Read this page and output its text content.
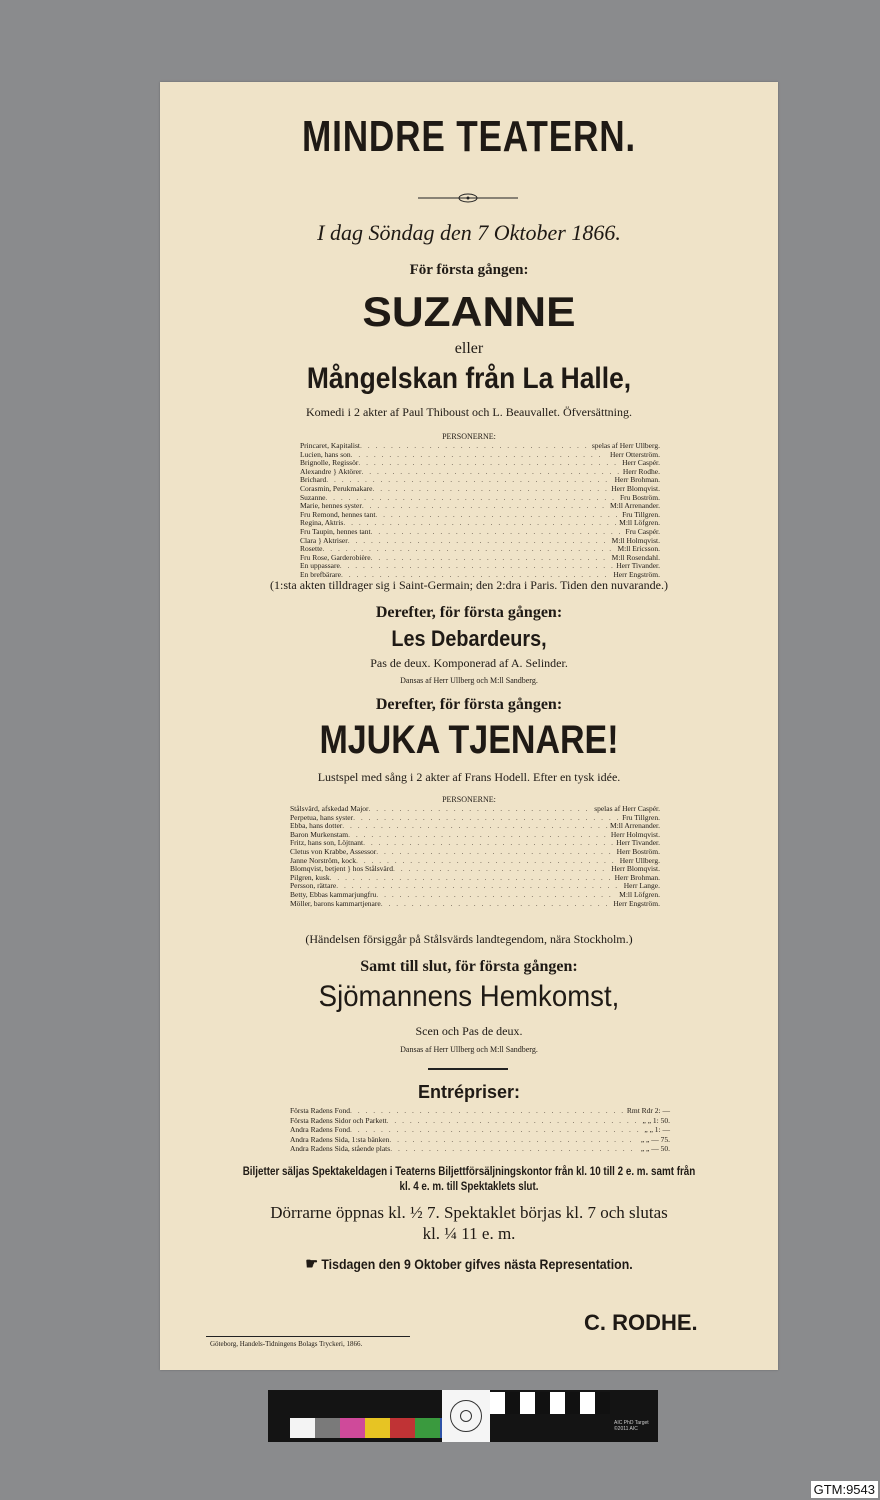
MINDRE TEATERN.
I dag Söndag den 7 Oktober 1866.
För första gången:
SUZANNE
eller
Mångelskan från La Halle,
Komedi i 2 akter af Paul Thiboust och L. Beauvallet. Öfversättning.
PERSONERNE:
Princaret, Kapitalist . . . . . . . . . . . . . . . . . . . . . . . . . . . . . . spelas af Herr Ullberg.
Lucien, hans son . . . . . . . . . . . . . . . . . . . . . . . . . . . . . . . . .	Herr Otterström.
Brignolle, Regissör . . . . . . . . . . . . . . . . . . . . . . . . . . . . . . . . . . Herr Caspér.
Alexandre } Aktörer . . . . . . . . . . . . . . . . . . . . . . . . . . . . . . . . . . Herr Rodhe.
Brichard . . . . . . . . . . . . . . . . . . . . . . . . . . . . . . . . . . . . . Herr Brohman.
Corasmin, Perukmakare . . . . . . . . . . . . . . . . . . . . . . . . . . . . . . . Herr Blomqvist.
Suzanne . . . . . . . . . . . . . . . . . . . . . . . . . . . . . . . . . . . . . . Fru Boström.
Marie, hennes syster . . . . . . . . . . . . . . . . . . . . . . . . . . . . . . . . M:ll Arrenander.
Fru Remond, hennes tant . . . . . . . . . . . . . . . . . . . . . . . . . . . . . . . . Fru Tillgren.
Regina, Aktris . . . . . . . . . . . . . . . . . . . . . . . . . . . . . . . . . . . . M:ll Löfgren.
Fru Taupin, hennes tant . . . . . . . . . . . . . . . . . . . . . . . . . . . . . . . . . Fru Caspér.
Clara } Aktriser . . . . . . . . . . . . . . . . . . . . . . . . . . . . . . . . . . M:ll Holmqvist.
Rosette . . . . . . . . . . . . . . . . . . . . . . . . . . . . . . . . . . . . . . M:ll Ericsson.
Fru Rose, Garderobière . . . . . . . . . . . . . . . . . . . . . . . . . . . . . . . M:ll Rosendahl.
En uppassare . . . . . . . . . . . . . . . . . . . . . . . . . . . . . . . . . . . . Herr Tivander.
En brefbärare . . . . . . . . . . . . . . . . . . . . . . . . . . . . . . . . . . . Herr Engström.
(1:sta akten tilldrager sig i Saint-Germain; den 2:dra i Paris. Tiden den nuvarande.)
Derefter, för första gången:
Les Debardeurs,
Pas de deux. Komponerad af A. Selinder.
Dansas af Herr Ullberg och M:ll Sandberg.
Derefter, för första gången:
MJUKA TJENARE!
Lustspel med sång i 2 akter af Frans Hodell. Efter en tysk idée.
PERSONERNE:
Stålsvärd, afskedad Major . . . . . . . . . . . . . . . . . . . . . . . . . . . . . spelas af Herr Caspér.
Perpetua, hans syster . . . . . . . . . . . . . . . . . . . . . . . . . . . . . . . . . . . Fru Tillgren.
Ebba, hans dotter . . . . . . . . . . . . . . . . . . . . . . . . . . . . . . . . . . . M:ll Arrenander.
Baron Murkenstam . . . . . . . . . . . . . . . . . . . . . . . . . . . . . . . . . . Herr Holmqvist.
Fritz, hans son, Löjtnant . . . . . . . . . . . . . . . . . . . . . . . . . . . . . . . . . Herr Tivander.
Cletus von Krabbe, Assessor . . . . . . . . . . . . . . . . . . . . . . . . . . . . . . . Herr Boström.
Janne Norström, kock . . . . . . . . . . . . . . . . . . . . . . . . . . . . . . . . . . Herr Ullberg.
Blomqvist, betjent } hos Stålsvärd . . . . . . . . . . . . . . . . . . . . . . . . . . . . Herr Blomqvist.
Pilgren, kusk . . . . . . . . . . . . . . . . . . . . . . . . . . . . . . . . . . . . . Herr Brohman.
Persson, rättare . . . . . . . . . . . . . . . . . . . . . . . . . . . . . . . . . . . . . Herr Lange.
Betty, Ebbas kammarjungfru . . . . . . . . . . . . . . . . . . . . . . . . . . . . . . . M:ll Löfgren.
Möller, barons kammartjenare . . . . . . . . . . . . . . . . . . . . . . . . . . . . . . Herr Engström.
(Händelsen försiggår på Stålsvärds landtegendom, nära Stockholm.)
Samt till slut, för första gången:
Sjömannens Hemkomst,
Scen och Pas de deux.
Dansas af Herr Ullberg och M:ll Sandberg.
Entrépriser:
Första Radens Fond . . . . . . . . . . . . . . . . . . . . . . . . . . . . . . . . . . . . Rmt Rdr 2: —
Första Radens Sidor och Parkett . . . . . . . . . . . . . . . . . . . . . . . . . . . . . . . . . „ „ 1: 50.
Andra Radens Fond . . . . . . . . . . . . . . . . . . . . . . . . . . . . . . . . . . . . . . „ „ 1: —
Andra Radens Sida, 1:sta bänken . . . . . . . . . . . . . . . . . . . . . . . . . . . . . . . . „ „ — 75.
Andra Radens Sida, stående plats . . . . . . . . . . . . . . . . . . . . . . . . . . . . . . . . „ „ — 50.
Biljetter säljas Spektakeldagen i Teaterns Biljettförsäljningskontor från kl. 10 till 2 e. m. samt från
kl. 4 e. m. till Spektaklets slut.
Dörrarne öppnas kl. ½ 7. Spektaklet börjas kl. 7 och slutas
kl. ¼ 11 e. m.
☛ Tisdagen den 9 Oktober gifves nästa Representation.
C. RODHE.
Göteborg, Handels-Tidningens Bolags Tryckeri, 1866.
AIC PhD Target ©2011 AIC
GTM:9543
